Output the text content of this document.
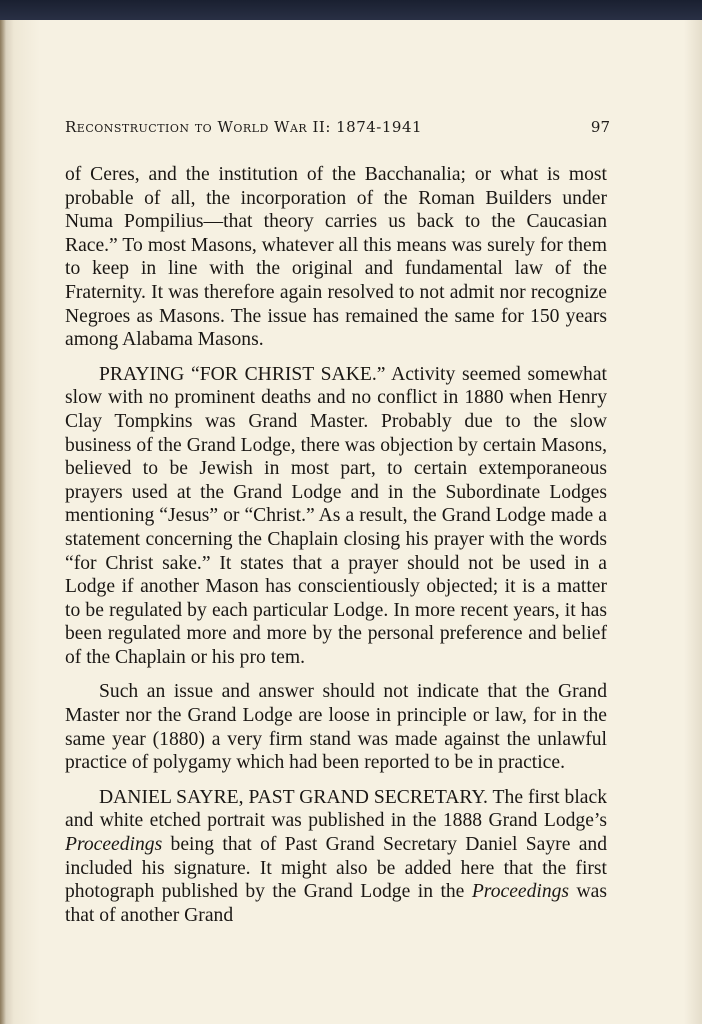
Reconstruction to World War II: 1874-1941	97

of Ceres, and the institution of the Bacchanalia; or what is most probable of all, the incorporation of the Roman Builders under Numa Pompilius—that theory carries us back to the Caucasian Race.” To most Masons, whatever all this means was surely for them to keep in line with the original and fundamental law of the Fraternity. It was therefore again resolved to not admit nor recognize Negroes as Masons. The issue has remained the same for 150 years among Alabama Masons.

PRAYING “FOR CHRIST SAKE.” Activity seemed somewhat slow with no prominent deaths and no conflict in 1880 when Henry Clay Tompkins was Grand Master. Probably due to the slow business of the Grand Lodge, there was objection by certain Masons, believed to be Jewish in most part, to certain extemporaneous prayers used at the Grand Lodge and in the Subordinate Lodges mentioning “Jesus” or “Christ.” As a result, the Grand Lodge made a statement concerning the Chaplain closing his prayer with the words “for Christ sake.” It states that a prayer should not be used in a Lodge if another Mason has conscientiously objected; it is a matter to be regulated by each particular Lodge. In more recent years, it has been regulated more and more by the personal preference and belief of the Chaplain or his pro tem.

Such an issue and answer should not indicate that the Grand Master nor the Grand Lodge are loose in principle or law, for in the same year (1880) a very firm stand was made against the unlawful practice of polygamy which had been reported to be in practice.

DANIEL SAYRE, PAST GRAND SECRETARY. The first black and white etched portrait was published in the 1888 Grand Lodge’s Proceedings being that of Past Grand Secretary Daniel Sayre and included his signature. It might also be added here that the first photograph published by the Grand Lodge in the Proceedings was that of another Grand
